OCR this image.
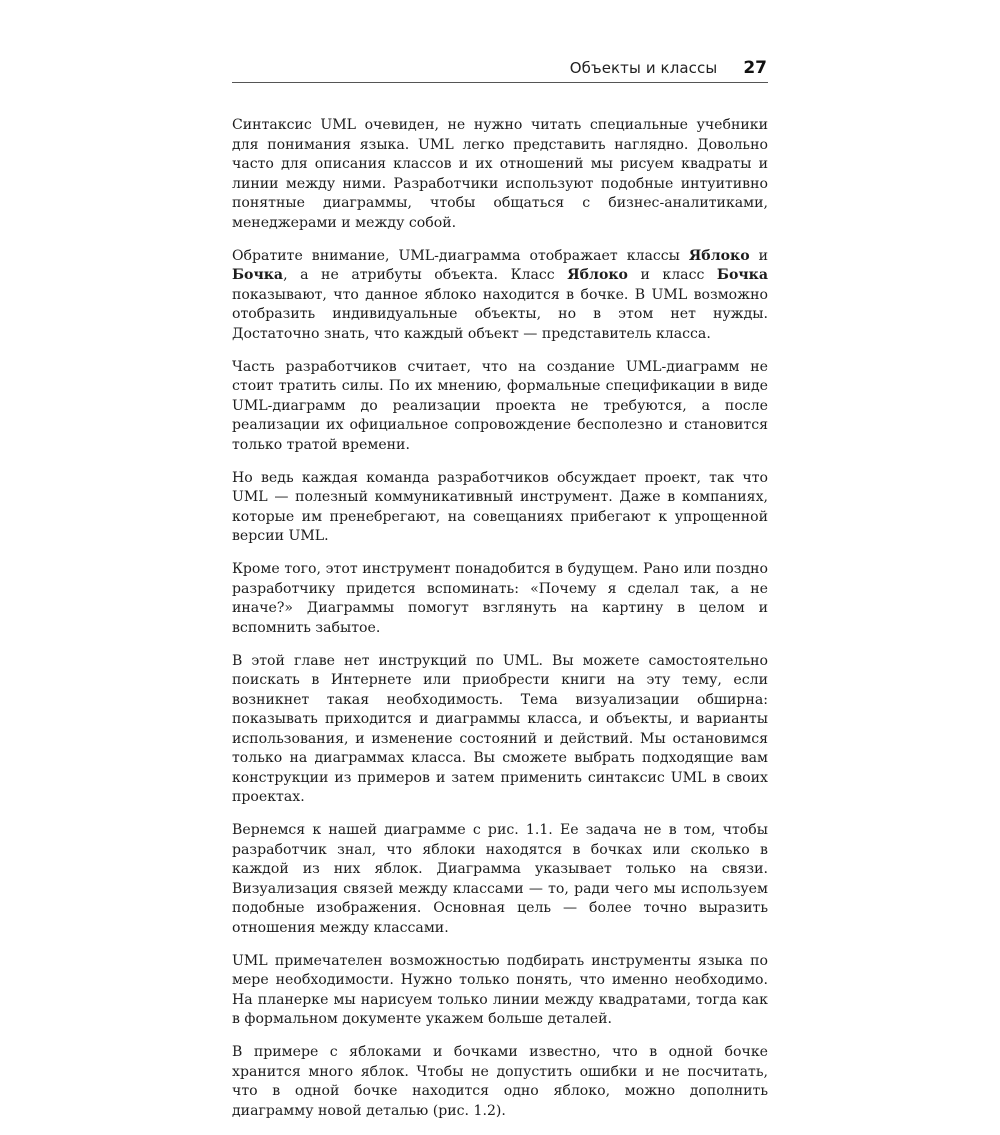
Объекты и классы 27

Синтаксис UML очевиден, не нужно читать специальные учебники для понимания языка. UML легко представить наглядно. Довольно часто для описания классов и их отношений мы рисуем квадраты и линии между ними. Разработчики используют подобные интуитивно понятные диаграммы, чтобы общаться с бизнес-аналитиками, менеджерами и между собой.

Обратите внимание, UML-диаграмма отображает классы Яблоко и Бочка, а не атрибуты объекта. Класс Яблоко и класс Бочка показывают, что данное яблоко находится в бочке. В UML возможно отобразить индивидуальные объекты, но в этом нет нужды. Достаточно знать, что каждый объект — представитель класса.

Часть разработчиков считает, что на создание UML-диаграмм не стоит тратить силы. По их мнению, формальные спецификации в виде UML-диаграмм до реализации проекта не требуются, а после реализации их официальное сопровождение бесполезно и становится только тратой времени.

Но ведь каждая команда разработчиков обсуждает проект, так что UML — полезный коммуникативный инструмент. Даже в компаниях, которые им пренебрегают, на совещаниях прибегают к упрощенной версии UML.

Кроме того, этот инструмент понадобится в будущем. Рано или поздно разработчику придется вспоминать: «Почему я сделал так, а не иначе?» Диаграммы помогут взглянуть на картину в целом и вспомнить забытое.

В этой главе нет инструкций по UML. Вы можете самостоятельно поискать в Интернете или приобрести книги на эту тему, если возникнет такая необходимость. Тема визуализации обширна: показывать приходится и диаграммы класса, и объекты, и варианты использования, и изменение состояний и действий. Мы остановимся только на диаграммах класса. Вы сможете выбрать подходящие вам конструкции из примеров и затем применить синтаксис UML в своих проектах.

Вернемся к нашей диаграмме с рис. 1.1. Ее задача не в том, чтобы разработчик знал, что яблоки находятся в бочках или сколько в каждой из них яблок. Диаграмма указывает только на связи. Визуализация связей между классами — то, ради чего мы используем подобные изображения. Основная цель — более точно выразить отношения между классами.

UML примечателен возможностью подбирать инструменты языка по мере необходимости. Нужно только понять, что именно необходимо. На планерке мы нарисуем только линии между квадратами, тогда как в формальном документе укажем больше деталей.

В примере с яблоками и бочками известно, что в одной бочке хранится много яблок. Чтобы не допустить ошибки и не посчитать, что в одной бочке находится одно яблоко, можно дополнить диаграмму новой деталью (рис. 1.2).
